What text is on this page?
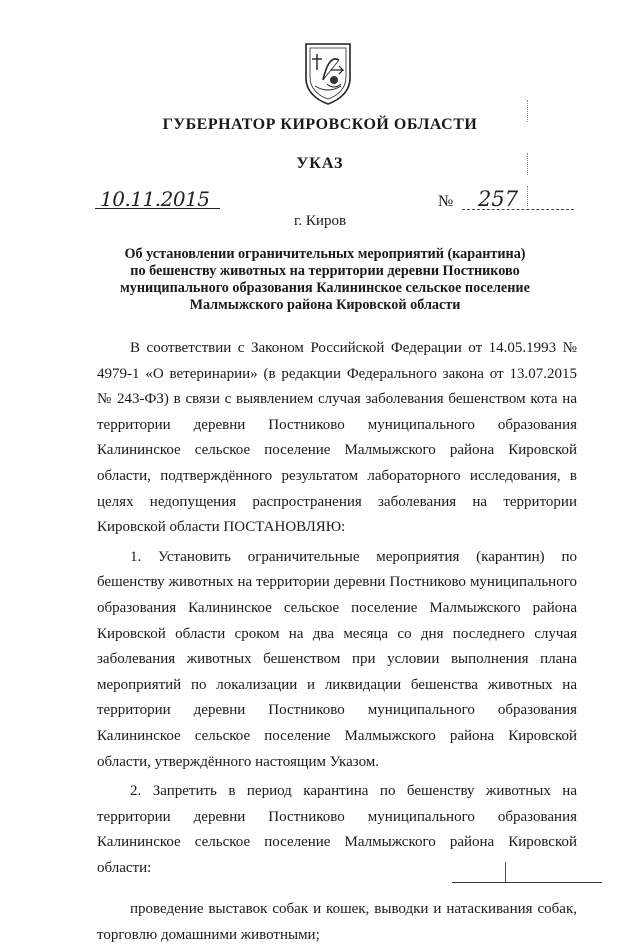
ГУБЕРНАТОР КИРОВСКОЙ ОБЛАСТИ
УКАЗ
10.11.2015	№ 257
г. Киров
Об установлении ограничительных мероприятий (карантина)
по бешенству животных на территории деревни Постниково
муниципального образования Калининское сельское поселение
Малмыжского района Кировской области

В соответствии с Законом Российской Федерации от 14.05.1993 № 4979-1 «О ветеринарии» (в редакции Федерального закона от 13.07.2015 № 243-ФЗ) в связи с выявлением случая заболевания бешенством кота на территории деревни Постниково муниципального образования Калининское сельское поселение Малмыжского района Кировской области, подтверждённого результатом лабораторного исследования, в целях недопущения распространения заболевания на территории Кировской области ПОСТАНОВЛЯЮ:

1. Установить ограничительные мероприятия (карантин) по бешенству животных на территории деревни Постниково муниципального образования Калининское сельское поселение Малмыжского района Кировской области сроком на два месяца со дня последнего случая заболевания животных бешенством при условии выполнения плана мероприятий по локализации и ликвидации бешенства животных на территории деревни Постниково муниципального образования Калининское сельское поселение Малмыжского района Кировской области, утверждённого настоящим Указом.

2. Запретить в период карантина по бешенству животных на территории деревни Постниково муниципального образования Калининское сельское поселение Малмыжского района Кировской области:

проведение выставок собак и кошек, выводки и натаскивания собак, торговлю домашними животными;
